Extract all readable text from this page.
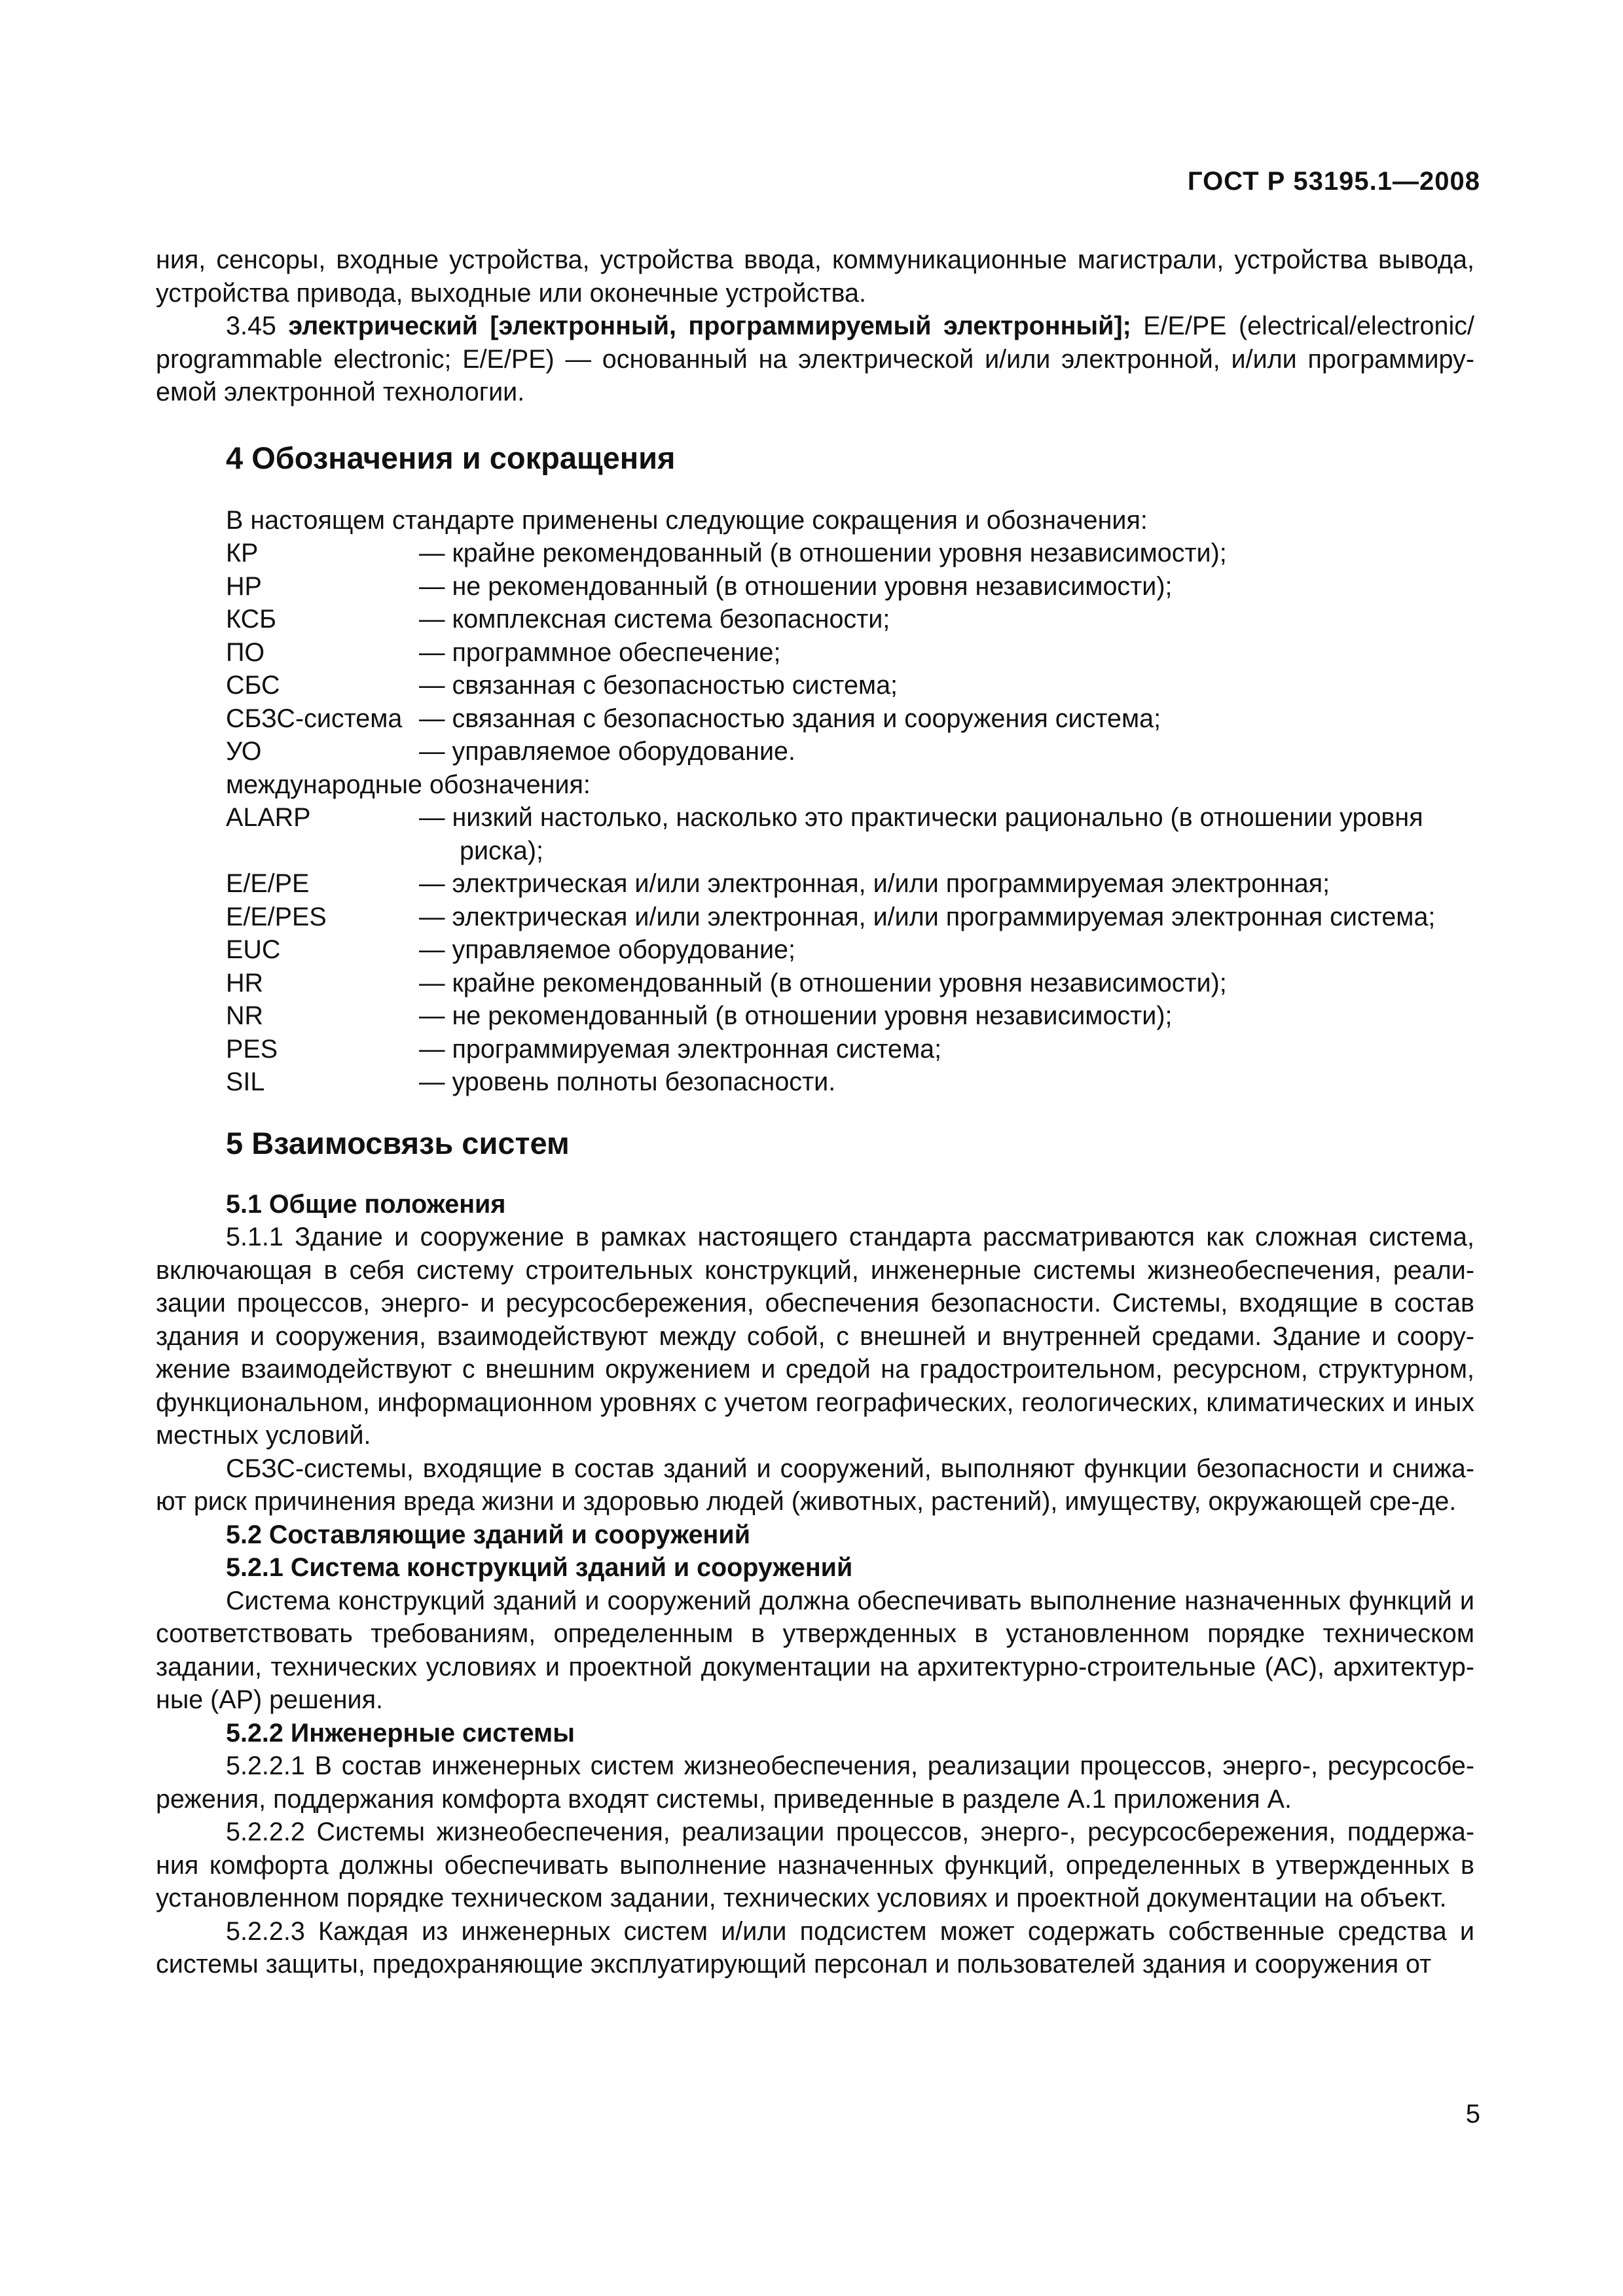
ГОСТ Р 53195.1—2008

ния, сенсоры, входные устройства, устройства ввода, коммуникационные магистрали, устройства вывода, устройства привода, выходные или оконечные устройства.

3.45 электрический [электронный, программируемый электронный]; E/E/PE (electrical/electronic/ programmable electronic; E/E/PE) — основанный на электрической и/или электронной, и/или программиру-емой электронной технологии.

4 Обозначения и сокращения
В настоящем стандарте применены следующие сокращения и обозначения:
КР	— крайне рекомендованный (в отношении уровня независимости);
НР	— не рекомендованный (в отношении уровня независимости);
КСБ	— комплексная система безопасности;
ПО	— программное обеспечение;
СБС	— связанная с безопасностью система;
СБЗС-система — связанная с безопасностью здания и сооружения система;
УО	— управляемое оборудование.
международные обозначения:
ALARP	— низкий настолько, насколько это практически рационально (в отношении уровня
риска);
E/E/PE	— электрическая и/или электронная, и/или программируемая электронная;
E/E/PES	— электрическая и/или электронная, и/или программируемая электронная система;
EUC	— управляемое оборудование;
HR	— крайне рекомендованный (в отношении уровня независимости);
NR	— не рекомендованный (в отношении уровня независимости);
PES	— программируемая электронная система;
SIL	— уровень полноты безопасности.
5 Взаимосвязь систем

5.1 Общие положения

5.1.1 Здание и сооружение в рамках настоящего стандарта рассматриваются как сложная система, включающая в себя систему строительных конструкций, инженерные системы жизнеобеспечения, реали-зации процессов, энерго- и ресурсосбережения, обеспечения безопасности. Системы, входящие в состав здания и сооружения, взаимодействуют между собой, с внешней и внутренней средами. Здание и соору-жение взаимодействуют с внешним окружением и средой на градостроительном, ресурсном, структурном, функциональном, информационном уровнях с учетом географических, геологических, климатических и иных местных условий.

СБЗС-системы, входящие в состав зданий и сооружений, выполняют функции безопасности и снижа-ют риск причинения вреда жизни и здоровью людей (животных, растений), имуществу, окружающей сре-де.

5.2 Составляющие зданий и сооружений

5.2.1 Система конструкций зданий и сооружений

Система конструкций зданий и сооружений должна обеспечивать выполнение назначенных функций и соответствовать требованиям, определенным в утвержденных в установленном порядке техническом задании, технических условиях и проектной документации на архитектурно-строительные (АС), архитектур-ные (АР) решения.

5.2.2 Инженерные системы

5.2.2.1 В состав инженерных систем жизнеобеспечения, реализации процессов, энерго-, ресурсосбе-режения, поддержания комфорта входят системы, приведенные в разделе А.1 приложения А.

5.2.2.2 Системы жизнеобеспечения, реализации процессов, энерго-, ресурсосбережения, поддержа-ния комфорта должны обеспечивать выполнение назначенных функций, определенных в утвержденных в установленном порядке техническом задании, технических условиях и проектной документации на объект.

5.2.2.3 Каждая из инженерных систем и/или подсистем может содержать собственные средства и системы защиты, предохраняющие эксплуатирующий персонал и пользователей здания и сооружения от

5
